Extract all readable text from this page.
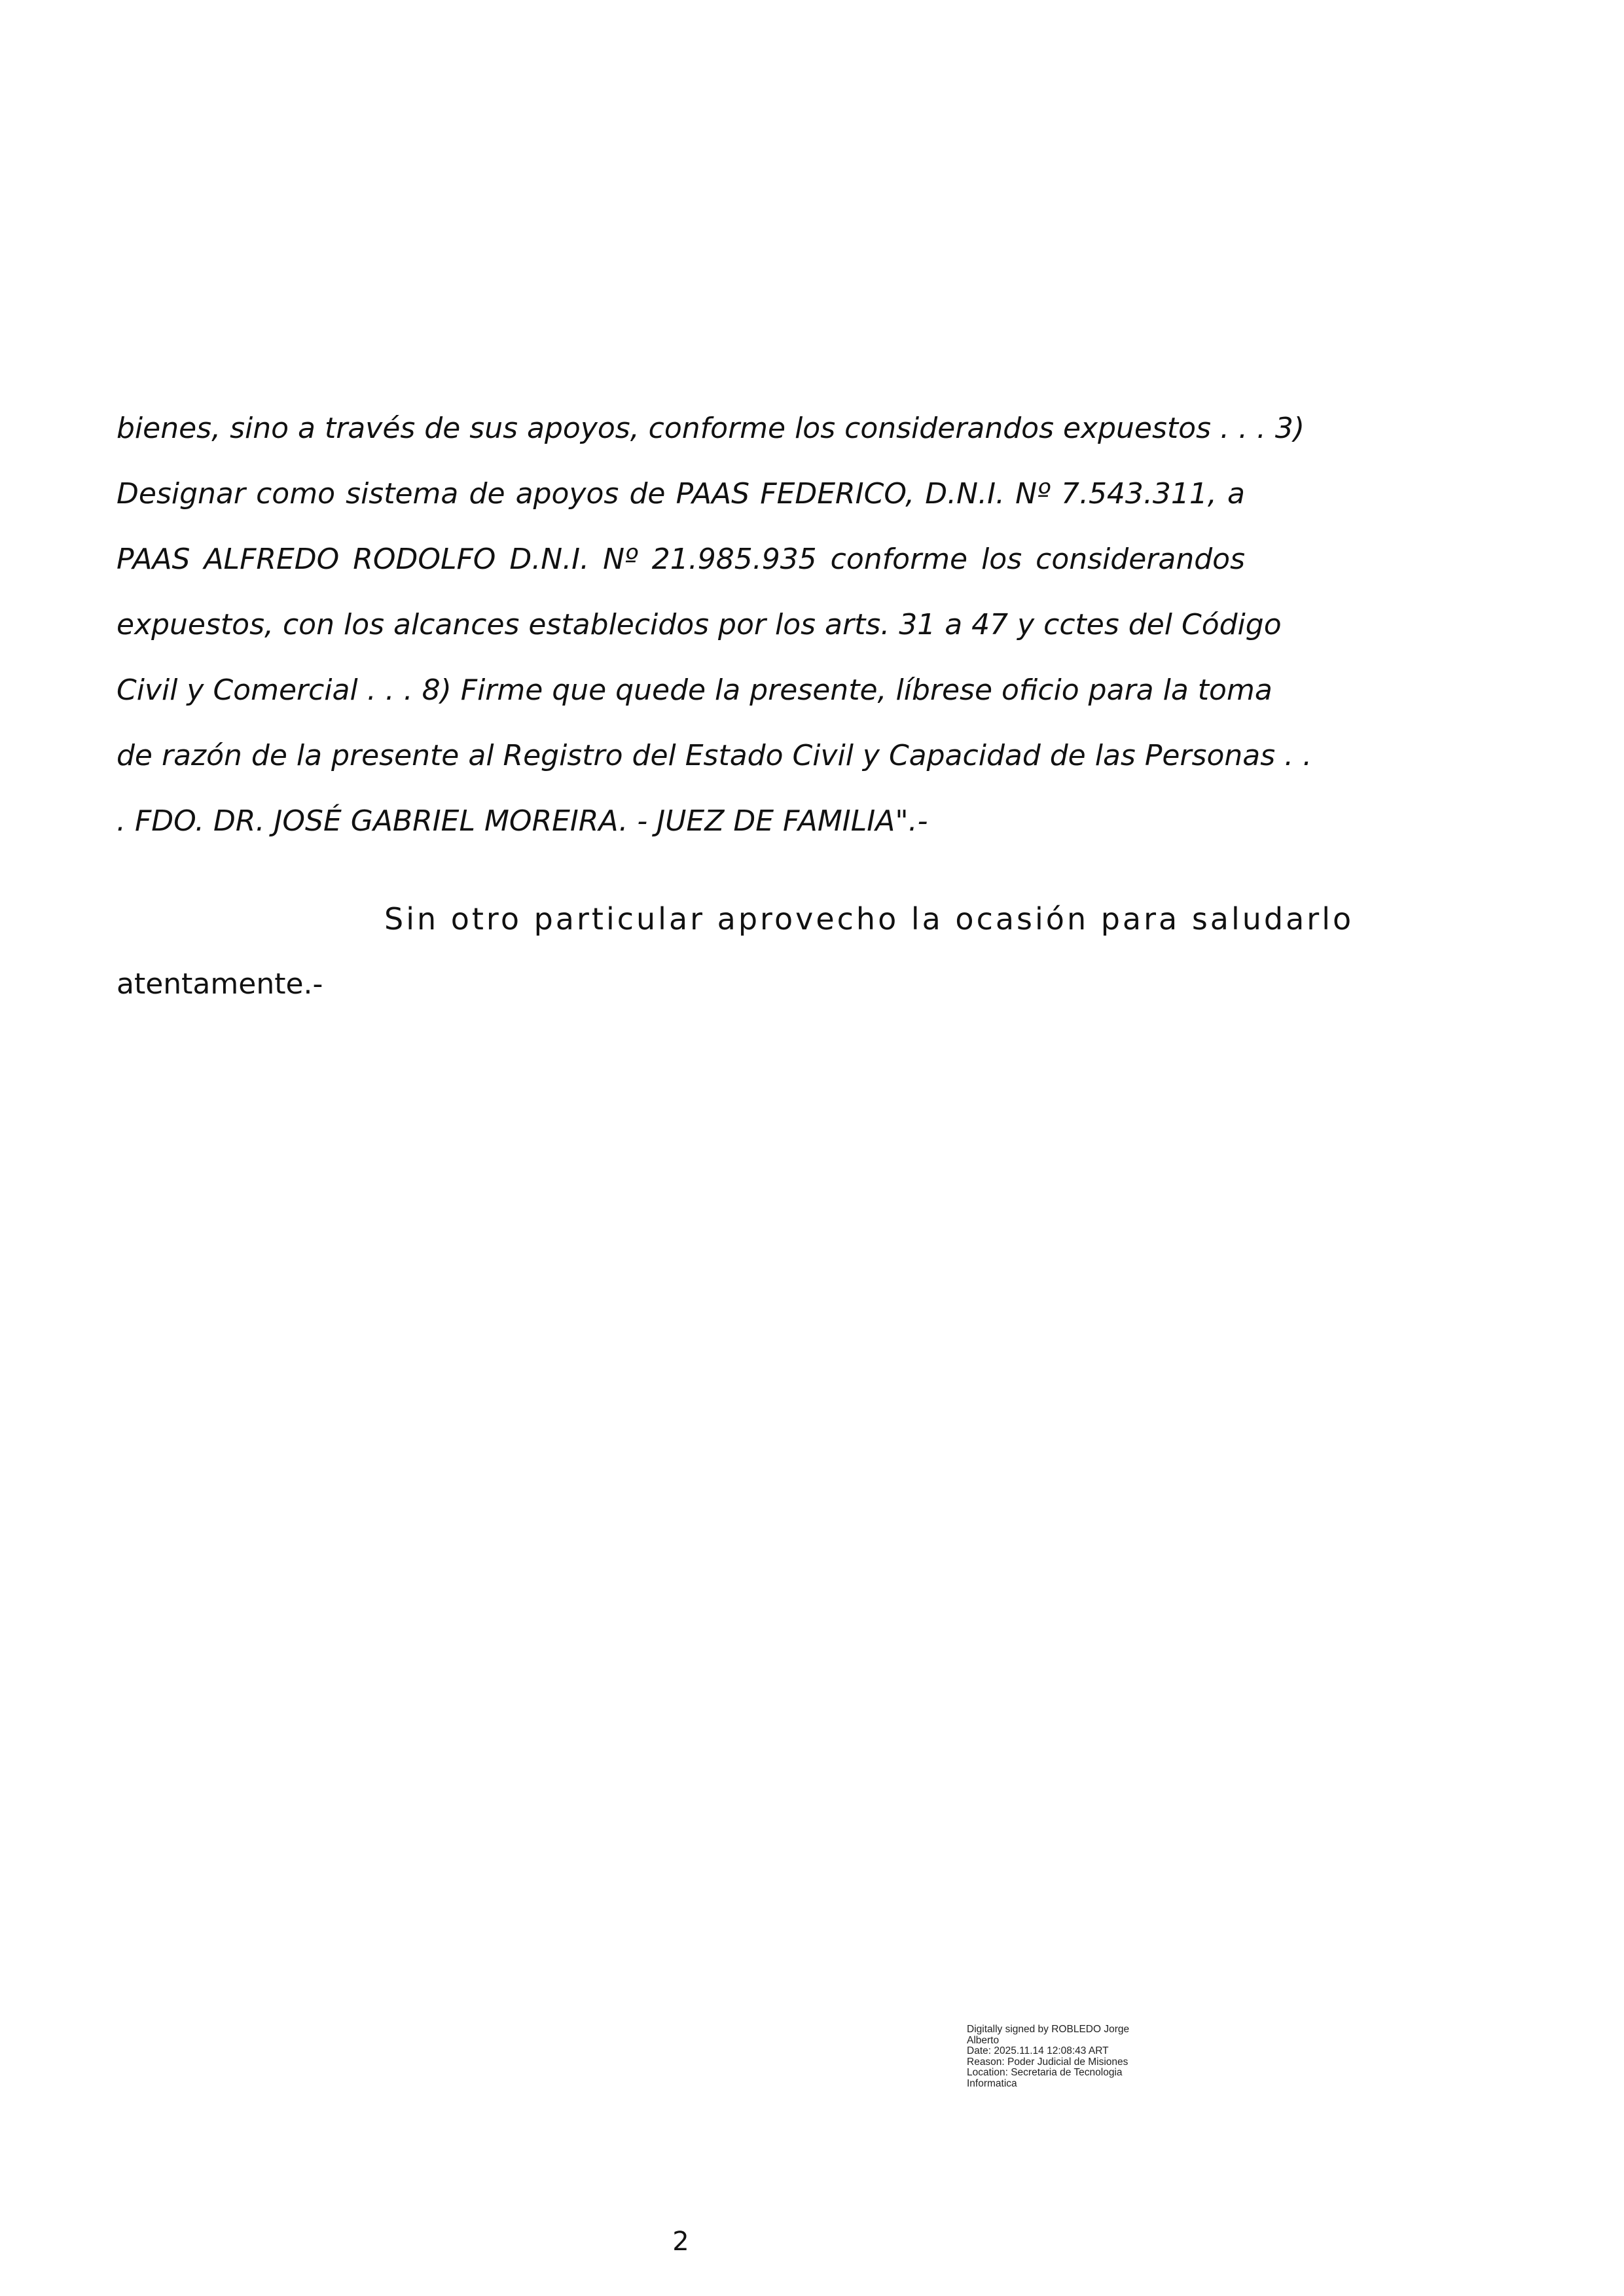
bienes, sino a través de sus apoyos, conforme los considerandos expuestos . . . 3)
Designar como sistema de apoyos de PAAS FEDERICO, D.N.I. Nº 7.543.311, a
PAAS ALFREDO RODOLFO D.N.I. Nº 21.985.935 conforme los considerandos
expuestos, con los alcances establecidos por los arts. 31 a 47 y cctes del Código
Civil y Comercial . . . 8) Firme que quede la presente, líbrese oficio para la toma
de razón de la presente al Registro del Estado Civil y Capacidad de las Personas . .
. FDO. DR. JOSÉ GABRIEL MOREIRA. - JUEZ DE FAMILIA".-
Sin otro particular aprovecho la ocasión para saludarlo
atentamente.-
Digitally signed by ROBLEDO Jorge
Alberto
Date: 2025.11.14 12:08:43 ART
Reason: Poder Judicial de Misiones
Location: Secretaria de Tecnologia
Informatica
2
